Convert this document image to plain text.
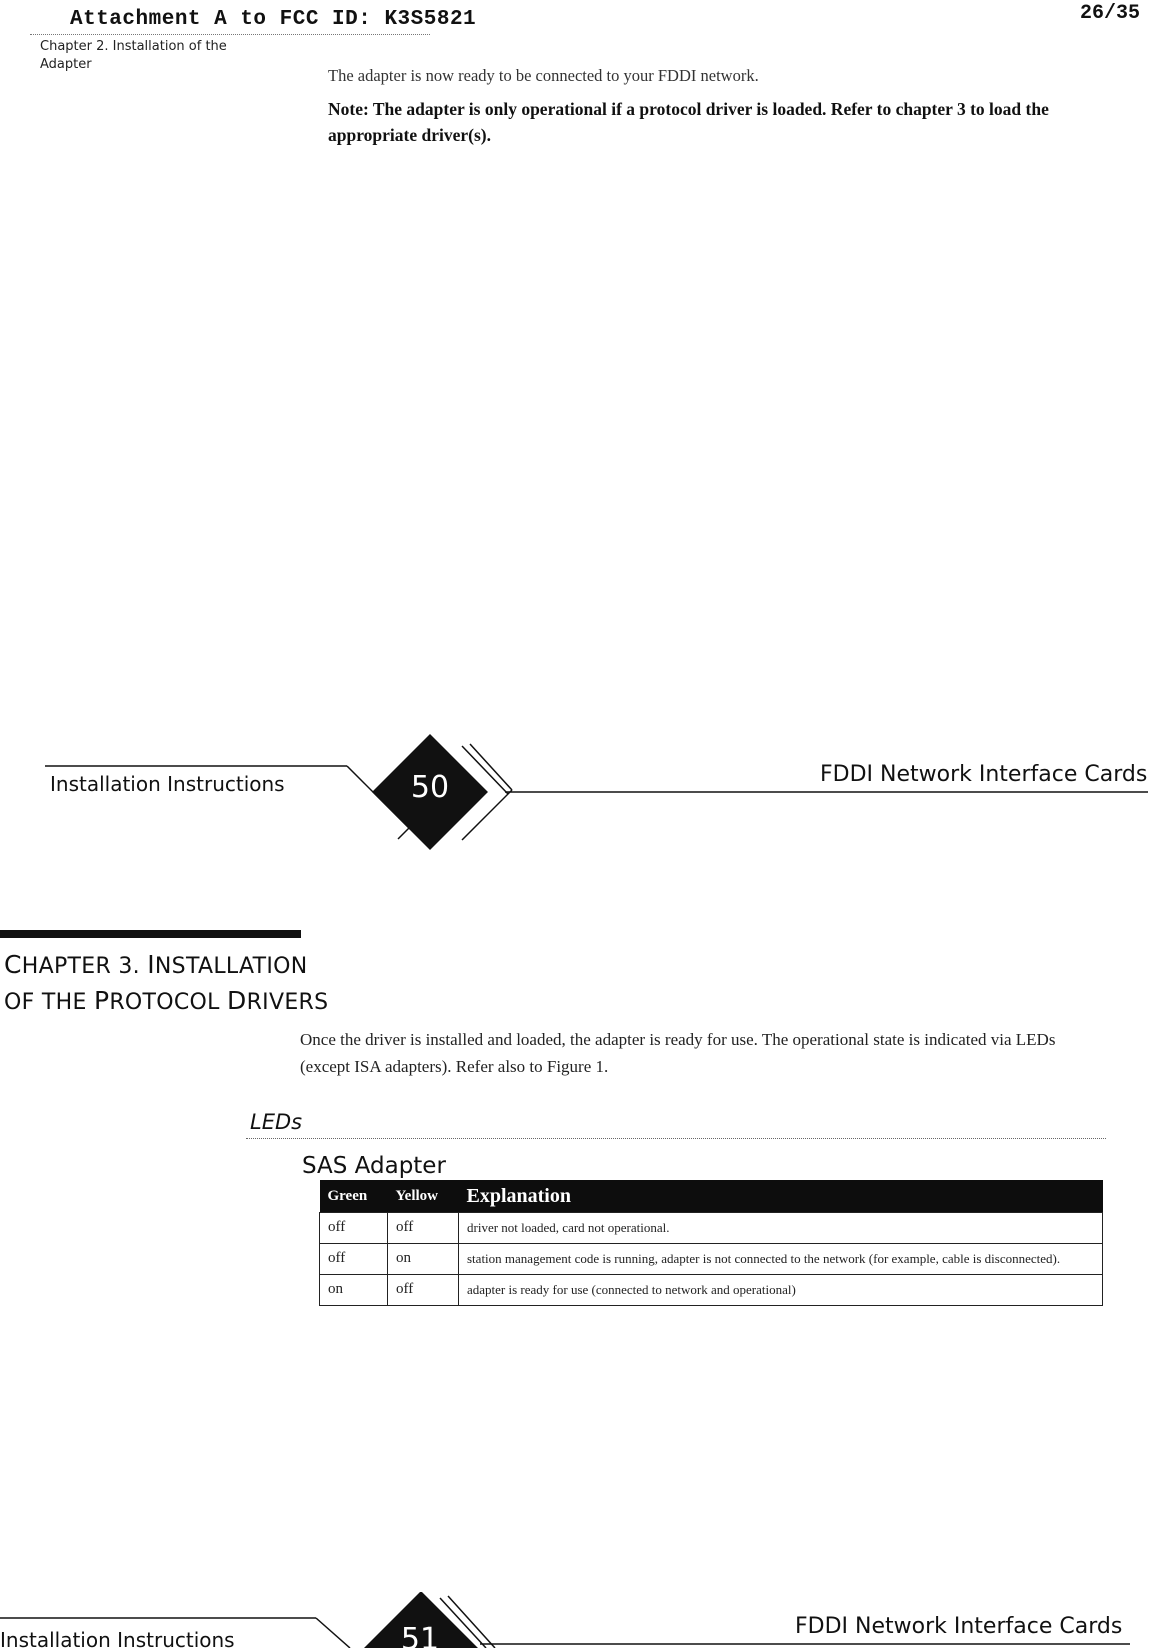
Attachment A to FCC ID: K3S5821	26/35
Chapter 2. Installation of the Adapter
The adapter is now ready to be connected to your FDDI network.
Note: The adapter is only operational if a protocol driver is loaded. Refer to chapter 3 to load the appropriate driver(s).
50
Installation Instructions	FDDI Network Interface Cards
CHAPTER 3. INSTALLATION
OF THE PROTOCOL DRIVERS
Once the driver is installed and loaded, the adapter is ready for use. The operational state is indicated via LEDs (except ISA adapters). Refer also to Figure 1.
LEDs
SAS Adapter
Green	Yellow	Explanation
off	off	driver not loaded, card not operational.
off	on	station management code is running, adapter is not connected to the network (for example, cable is disconnected).
on	off	adapter is ready for use (connected to network and operational)
51
Installation Instructions
FDDI Network Interface Cards
